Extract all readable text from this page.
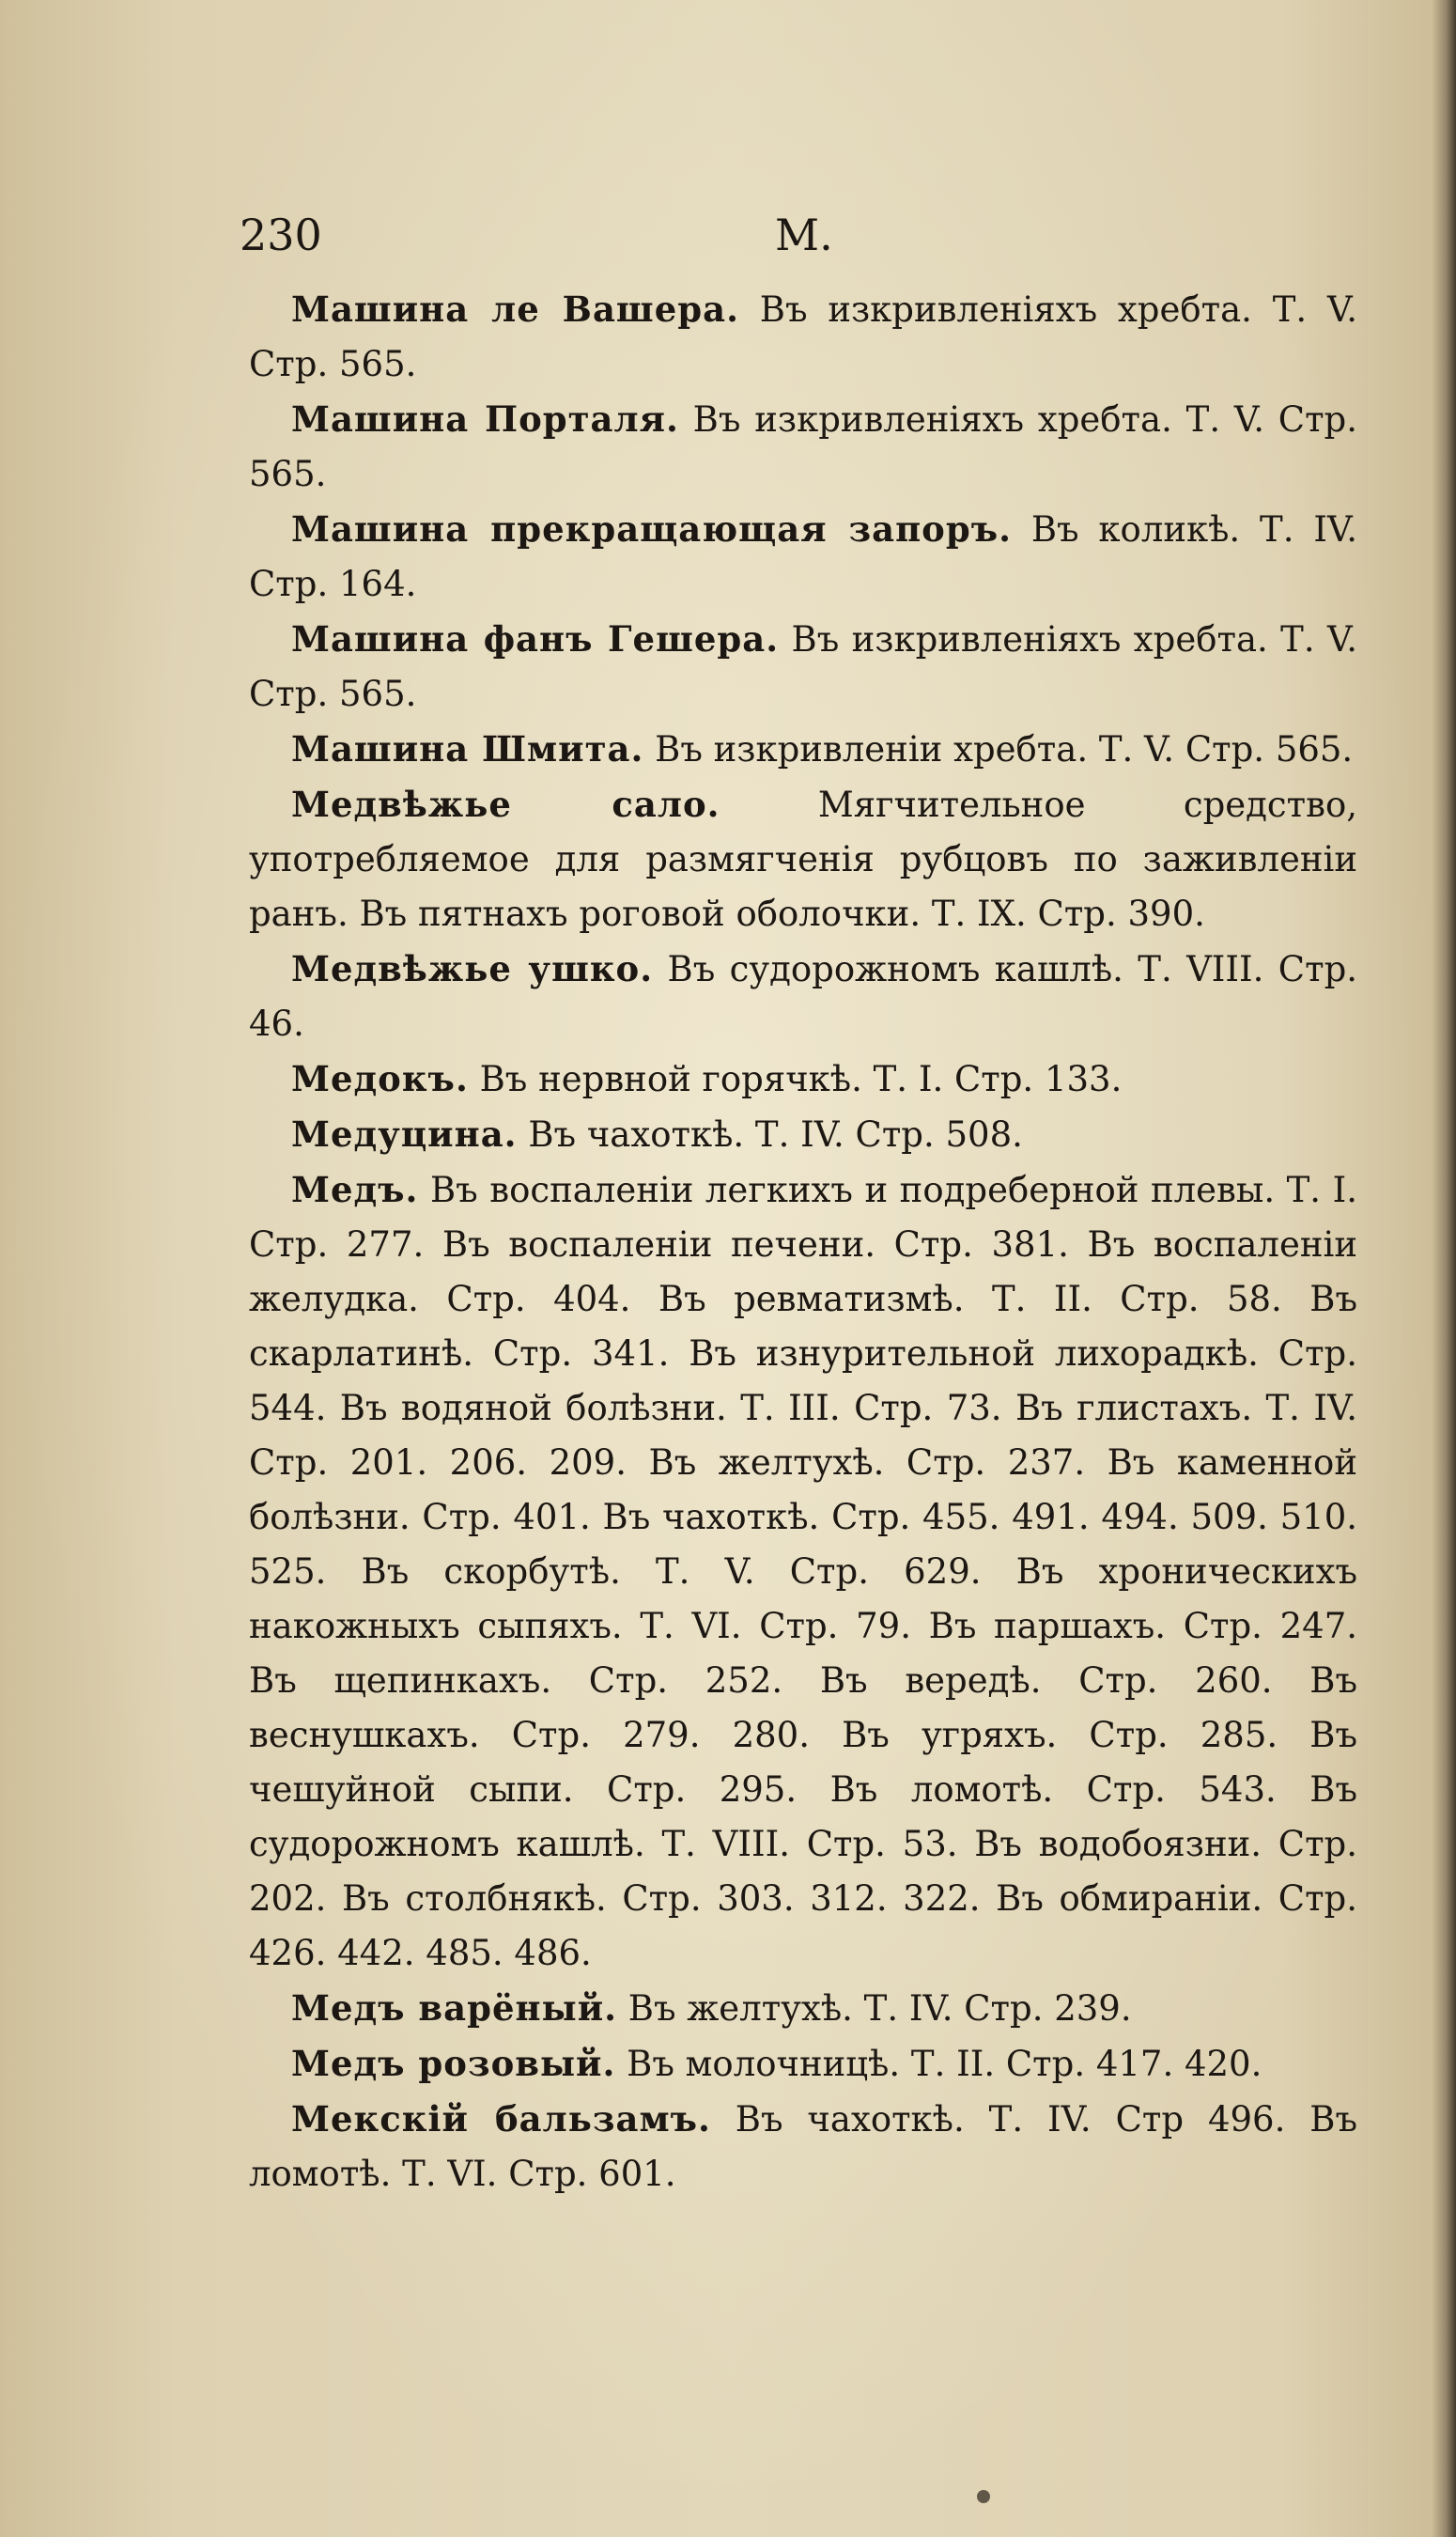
230	М.

Машина ле Вашера. Въ изкривленіяхъ хребта. Т. V. Стр. 565.

Машина Порталя. Въ изкривленіяхъ хребта. Т. V. Стр. 565.

Машина прекращающая запоръ. Въ коликѣ. Т. IV. Стр. 164.

Машина фанъ Гешера. Въ изкривленіяхъ хребта. Т. V. Стр. 565.

Машина Шмита. Въ изкривленіи хребта. Т. V. Стр. 565.

Медвѣжье сало.	Мягчительное средство, употребляемое для размягченія рубцовъ по заживленіи ранъ. Въ пятнахъ роговой оболочки. Т. IX. Стр. 390.

Медвѣжье ушко. Въ судорожномъ кашлѣ. Т. VIII. Стр. 46.

Медокъ. Въ нервной горячкѣ. Т. I. Стр. 133.

Медуцина. Въ чахоткѣ. Т. IV. Стр. 508.

Медъ. Въ воспаленіи легкихъ и подреберной плевы. Т. I. Стр. 277. Въ воспаленіи печени. Стр. 381. Въ воспаленіи желудка. Стр. 404. Въ ревматизмѣ. Т. II. Стр. 58. Въ скарлатинѣ. Стр. 341. Въ изнурительной лихорадкѣ. Стр. 544. Въ водяной болѣзни. Т. III. Стр. 73. Въ глистахъ. Т. IV. Стр. 201. 206. 209. Въ желтухѣ. Стр. 237. Въ каменной болѣзни. Стр. 401. Въ чахоткѣ. Стр. 455. 491. 494. 509. 510. 525. Въ скорбутѣ. Т. V. Стр. 629. Въ хроническихъ накожныхъ сыпяхъ. Т. VI. Стр. 79. Въ паршахъ. Стр. 247. Въ щепинкахъ. Стр. 252. Въ вередѣ. Стр. 260. Въ веснушкахъ. Стр. 279. 280. Въ угряхъ. Стр. 285. Въ чешуйной сыпи. Стр. 295. Въ ломотѣ. Стр. 543. Въ судорожномъ кашлѣ. Т. VIII. Стр. 53. Въ водобоязни. Стр. 202. Въ столбнякѣ. Стр. 303. 312. 322. Въ обмираніи. Стр. 426. 442. 485. 486.

Медъ варёный. Въ желтухѣ. Т. IV. Стр. 239.

Медъ розовый. Въ молочницѣ. Т. II. Стр. 417. 420.

Мекскій бальзамъ. Въ чахоткѣ. Т. IV. Стр 496. Въ ломотѣ. Т. VI. Стр. 601.
